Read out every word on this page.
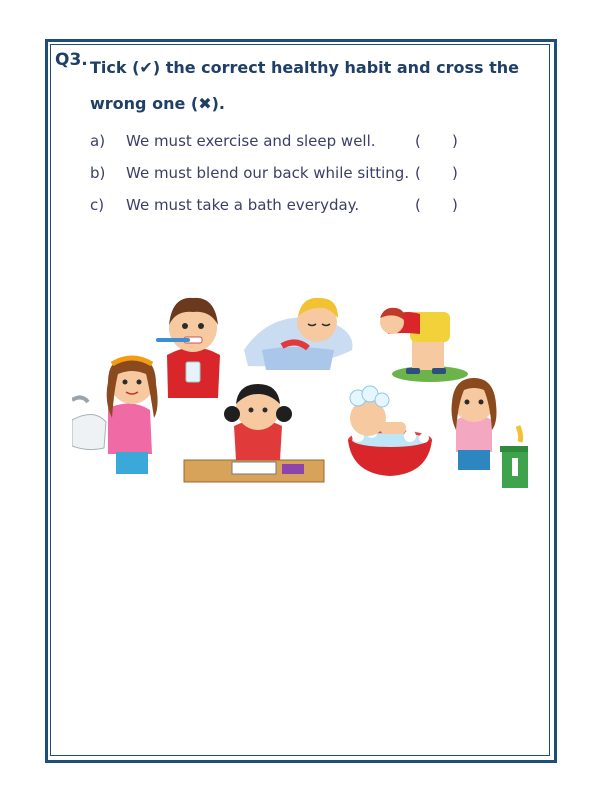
Q3. Tick (✔) the correct healthy habit and cross the wrong one (✖).
a) We must exercise and sleep well.	( )
b) We must blend our back while sitting. ( )
c) We must take a bath everyday.	( )
